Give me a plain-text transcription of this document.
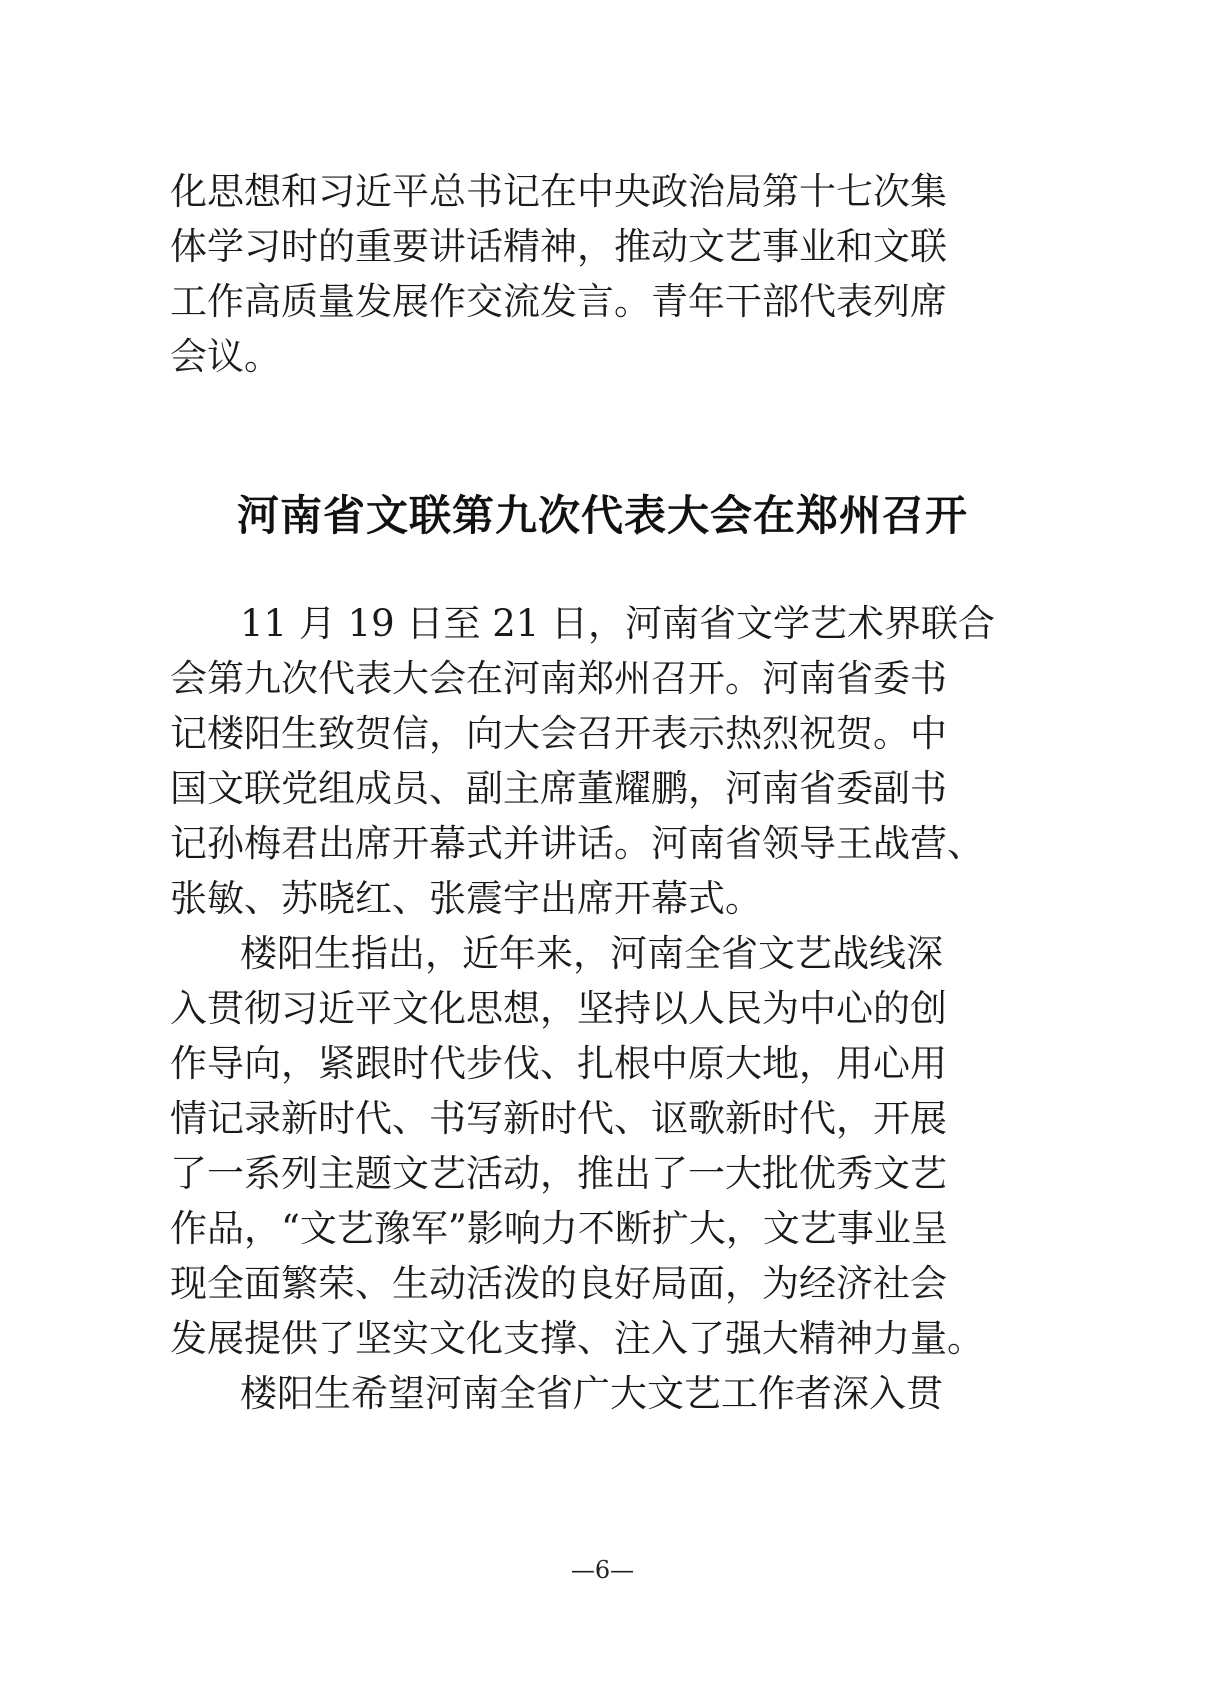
化思想和习近平总书记在中央政治局第十七次集
体学习时的重要讲话精神，推动文艺事业和文联
工作高质量发展作交流发言。青年干部代表列席
会议。
河南省文联第九次代表大会在郑州召开
11 月 19 日至 21 日，河南省文学艺术界联合
会第九次代表大会在河南郑州召开。河南省委书
记楼阳生致贺信，向大会召开表示热烈祝贺。中
国文联党组成员、副主席董耀鹏，河南省委副书
记孙梅君出席开幕式并讲话。河南省领导王战营、
张敏、苏晓红、张震宇出席开幕式。
楼阳生指出，近年来，河南全省文艺战线深
入贯彻习近平文化思想，坚持以人民为中心的创
作导向，紧跟时代步伐、扎根中原大地，用心用
情记录新时代、书写新时代、讴歌新时代，开展
了一系列主题文艺活动，推出了一大批优秀文艺
作品，“文艺豫军”影响力不断扩大，文艺事业呈
现全面繁荣、生动活泼的良好局面，为经济社会
发展提供了坚实文化支撑、注入了强大精神力量。
楼阳生希望河南全省广大文艺工作者深入贯
—6—
